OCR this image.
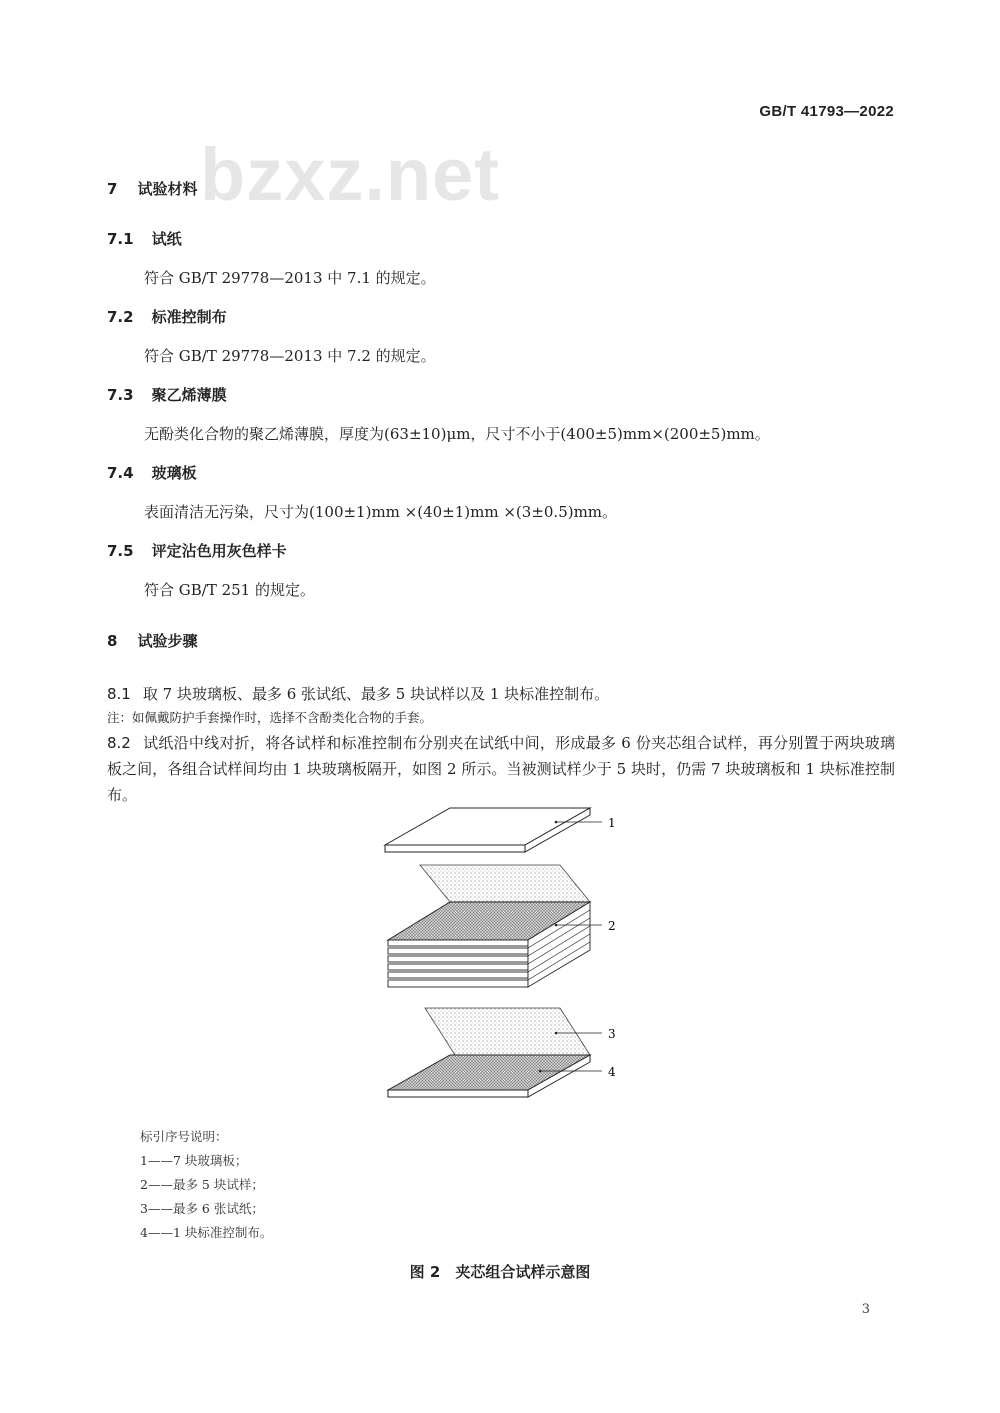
GB/T 41793—2022
bzxz.net
7 试验材料
7.1 试纸
符合 GB/T 29778—2013 中 7.1 的规定。
7.2 标准控制布
符合 GB/T 29778—2013 中 7.2 的规定。
7.3 聚乙烯薄膜
无酚类化合物的聚乙烯薄膜，厚度为(63±10)μm，尺寸不小于(400±5)mm×(200±5)mm。
7.4 玻璃板
表面清洁无污染，尺寸为(100±1)mm ×(40±1)mm ×(3±0.5)mm。
7.5 评定沾色用灰色样卡
符合 GB/T 251 的规定。
8 试验步骤
8.1 取 7 块玻璃板、最多 6 张试纸、最多 5 块试样以及 1 块标准控制布。
注：如佩戴防护手套操作时，选择不含酚类化合物的手套。
8.2 试纸沿中线对折，将各试样和标准控制布分别夹在试纸中间，形成最多 6 份夹芯组合试样，再分别置于两块玻璃板之间，各组合试样间均由 1 块玻璃板隔开，如图 2 所示。当被测试样少于 5 块时，仍需 7 块玻璃板和 1 块标准控制布。
1
2
3
4
标引序号说明：
1——7 块玻璃板；
2——最多 5 块试样；
3——最多 6 张试纸；
4——1 块标准控制布。
图 2　夹芯组合试样示意图
3
